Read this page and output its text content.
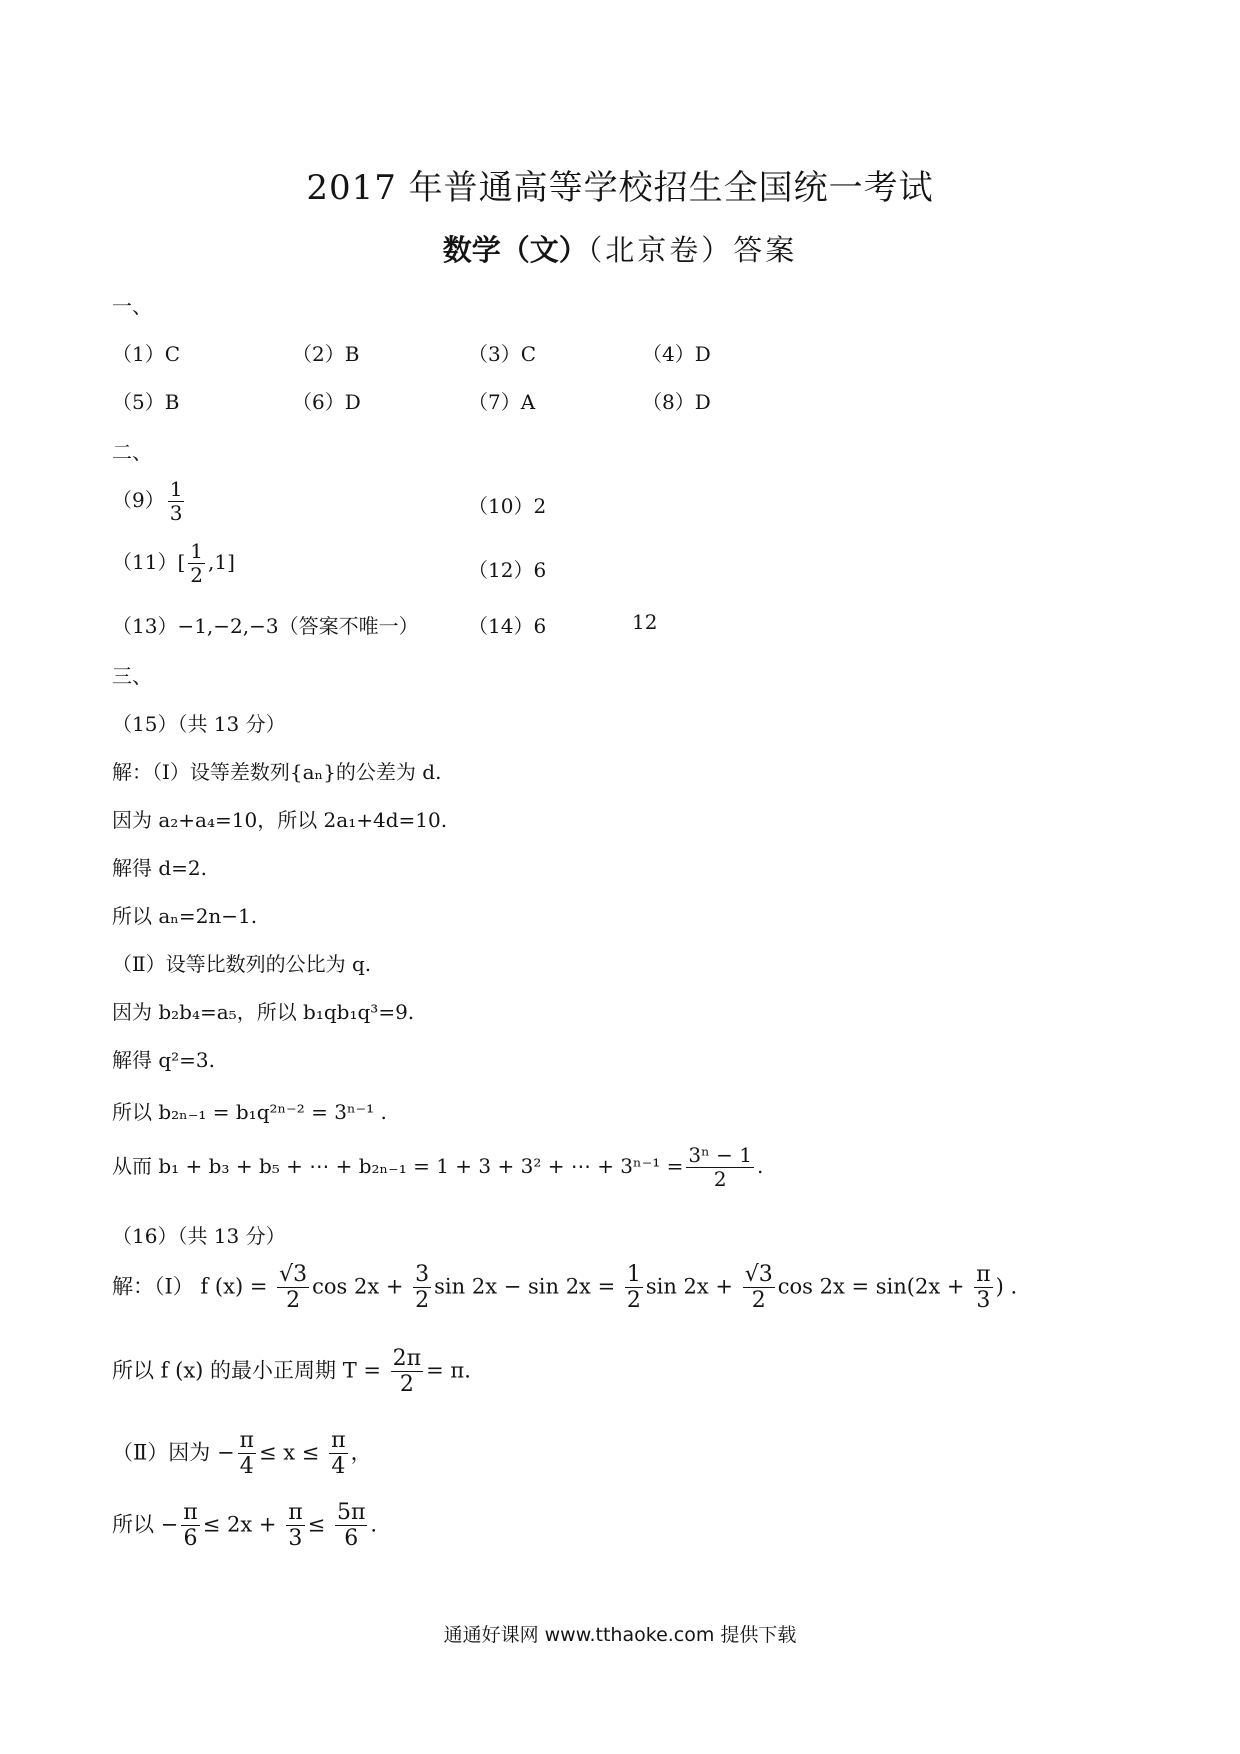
2017 年普通高等学校招生全国统一考试
数学（文）（北京卷）答案
一、
（1）C	（2）B	（3）C	（4）D
（5）B	（6）D	（7）A	（8）D
二、
$(9) \frac{1}{3}$	（10）2
$(11)[ \frac{1}{2} ,1]$	（12）6
（13）−1,−2,−3（答案不唯一） （14）6	12
三、
（15）（共 13 分）
解：（Ⅰ）设等差数列{aₙ}的公差为 d.
因为 a₂+a₄=10，所以 2a₁+4d=10.
解得 d=2.
所以 aₙ=2n−1.
（Ⅱ）设等比数列的公比为 q.
因为 b₂b₄=a₅，所以 b₁qb₁q³=9.
解得 q²=3.
所以 b₂ₙ₋₁ = b₁q²ⁿ⁻² = 3ⁿ⁻¹ .
从而 b₁ + b₃ + b₅ + ⋯ + b₂ₙ₋₁ = 1 + 3 + 3² + ⋯ + $3^{n-1} = \frac{\text{3ⁿ − 1}}{2}$ .
（16）（共 13 分）
解：（Ⅰ） f $(x) = \frac{√3}{2}$ $\cos 2x + \frac{3}{2}$ $\sin 2x - \sin 2x = \frac{1}{2}$ $\sin 2x + \frac{√3}{2}$ $\cos 2x = \sin(2x + \frac{\pi}{3}$ ) .
所以 f (x) 的最小正周期 $T = \frac{2\pi}{2} = \pi$.
（Ⅱ）因为 − $\frac{\pi}{4} \le x \le \frac{\pi}{4}$ ，
所以 − $\frac{\pi}{6} \le 2x + \frac{\pi}{3} \le \frac{5\pi}{6}$ .
通通好课网 www.tthaoke.com 提供下载
